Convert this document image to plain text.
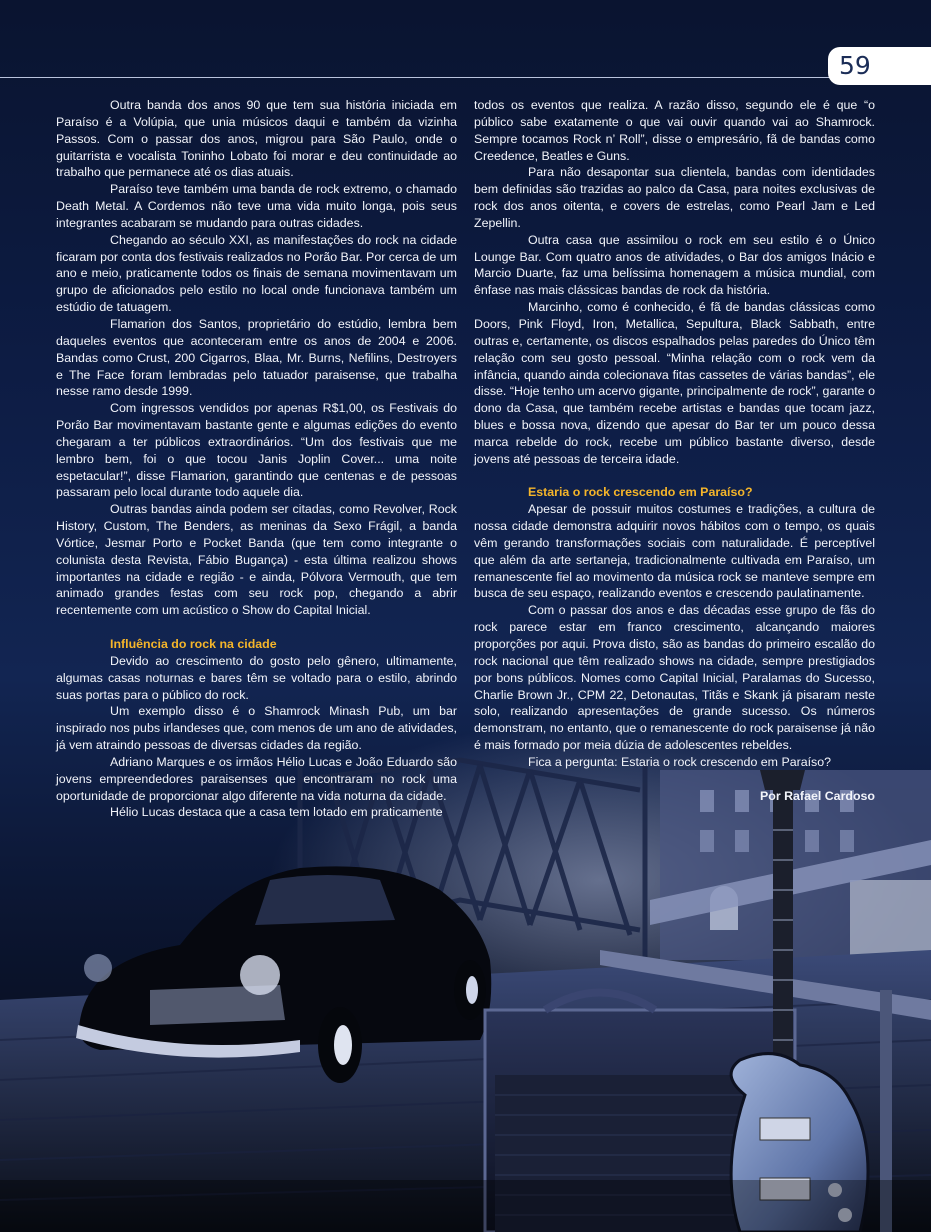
59

Outra banda dos anos 90 que tem sua história iniciada em Paraíso é a Volúpia, que unia músicos daqui e também da vizinha Passos. Com o passar dos anos, migrou para São Paulo, onde o guitarrista e vocalista Toninho Lobato foi morar e deu continuidade ao trabalho que permanece até os dias atuais.

Paraíso teve também uma banda de rock extremo, o chamado Death Metal. A Cordemos não teve uma vida muito longa, pois seus integrantes acabaram se mudando para outras cidades.

Chegando ao século XXI, as manifestações do rock na cidade ficaram por conta dos festivais realizados no Porão Bar. Por cerca de um ano e meio, praticamente todos os finais de semana movimentavam um grupo de aficionados pelo estilo no local onde funcionava também um estúdio de tatuagem.

Flamarion dos Santos, proprietário do estúdio, lembra bem daqueles eventos que aconteceram entre os anos de 2004 e 2006. Bandas como Crust, 200 Cigarros, Blaa, Mr. Burns, Nefilins, Destroyers e The Face foram lembradas pelo tatuador paraisense, que trabalha nesse ramo desde 1999.

Com ingressos vendidos por apenas R$1,00, os Festivais do Porão Bar movimentavam bastante gente e algumas edições do evento chegaram a ter públicos extraordinários. “Um dos festivais que me lembro bem, foi o que tocou Janis Joplin Cover... uma noite espetacular!”, disse Flamarion, garantindo que centenas e de pessoas passaram pelo local durante todo aquele dia.

Outras bandas ainda podem ser citadas, como Revolver, Rock History, Custom, The Benders, as meninas da Sexo Frágil, a banda Vórtice, Jesmar Porto e Pocket Banda (que tem como integrante o colunista desta Revista, Fábio Bugança) - esta última realizou shows importantes na cidade e região - e ainda, Pólvora Vermouth, que tem animado grandes festas com seu rock pop, chegando a abrir recentemente com um acústico o Show do Capital Inicial.

Influência do rock na cidade

Devido ao crescimento do gosto pelo gênero, ultimamente, algumas casas noturnas e bares têm se voltado para o estilo, abrindo suas portas para o público do rock.

Um exemplo disso é o Shamrock Minash Pub, um bar inspirado nos pubs irlandeses que, com menos de um ano de atividades, já vem atraindo pessoas de diversas cidades da região.

Adriano Marques e os irmãos Hélio Lucas e João Eduardo são jovens empreendedores paraisenses que encontraram no rock uma oportunidade de proporcionar algo diferente na vida noturna da cidade.

Hélio Lucas destaca que a casa tem lotado em praticamente

todos os eventos que realiza. A razão disso, segundo ele é que “o público sabe exatamente o que vai ouvir quando vai ao Shamrock. Sempre tocamos Rock n’ Roll”, disse o empresário, fã de bandas como Creedence, Beatles e Guns.

Para não desapontar sua clientela, bandas com identidades bem definidas são trazidas ao palco da Casa, para noites exclusivas de rock dos anos oitenta, e covers de estrelas, como Pearl Jam e Led Zepellin.

Outra casa que assimilou o rock em seu estilo é o Único Lounge Bar. Com quatro anos de atividades, o Bar dos amigos Inácio e Marcio Duarte, faz uma belíssima homenagem a música mundial, com ênfase nas mais clássicas bandas de rock da história.

Marcinho, como é conhecido, é fã de bandas clássicas como Doors, Pink Floyd, Iron, Metallica, Sepultura, Black Sabbath, entre outras e, certamente, os discos espalhados pelas paredes do Único têm relação com seu gosto pessoal. “Minha relação com o rock vem da infância, quando ainda colecionava fitas cassetes de várias bandas”, ele disse. “Hoje tenho um acervo gigante, principalmente de rock”, garante o dono da Casa, que também recebe artistas e bandas que tocam jazz, blues e bossa nova, dizendo que apesar do Bar ter um pouco dessa marca rebelde do rock, recebe um público bastante diverso, desde jovens até pessoas de terceira idade.

Estaria o rock crescendo em Paraíso?

Apesar de possuir muitos costumes e tradições, a cultura de nossa cidade demonstra adquirir novos hábitos com o tempo, os quais vêm gerando transformações sociais com naturalidade. É perceptível que além da arte sertaneja, tradicionalmente cultivada em Paraíso, um remanescente fiel ao movimento da música rock se manteve sempre em busca de seu espaço, realizando eventos e crescendo paulatinamente.

Com o passar dos anos e das décadas esse grupo de fãs do rock parece estar em franco crescimento, alcançando maiores proporções por aqui. Prova disto, são as bandas do primeiro escalão do rock nacional que têm realizado shows na cidade, sempre prestigiados por bons públicos. Nomes como Capital Inicial, Paralamas do Sucesso, Charlie Brown Jr., CPM 22, Detonautas, Titãs e Skank já pisaram neste solo, realizando apresentações de grande sucesso. Os números demonstram, no entanto, que o remanescente do rock paraisense já não é mais formado por meia dúzia de adolescentes rebeldes.

Fica a pergunta: Estaria o rock crescendo em Paraíso?

Por Rafael Cardoso
